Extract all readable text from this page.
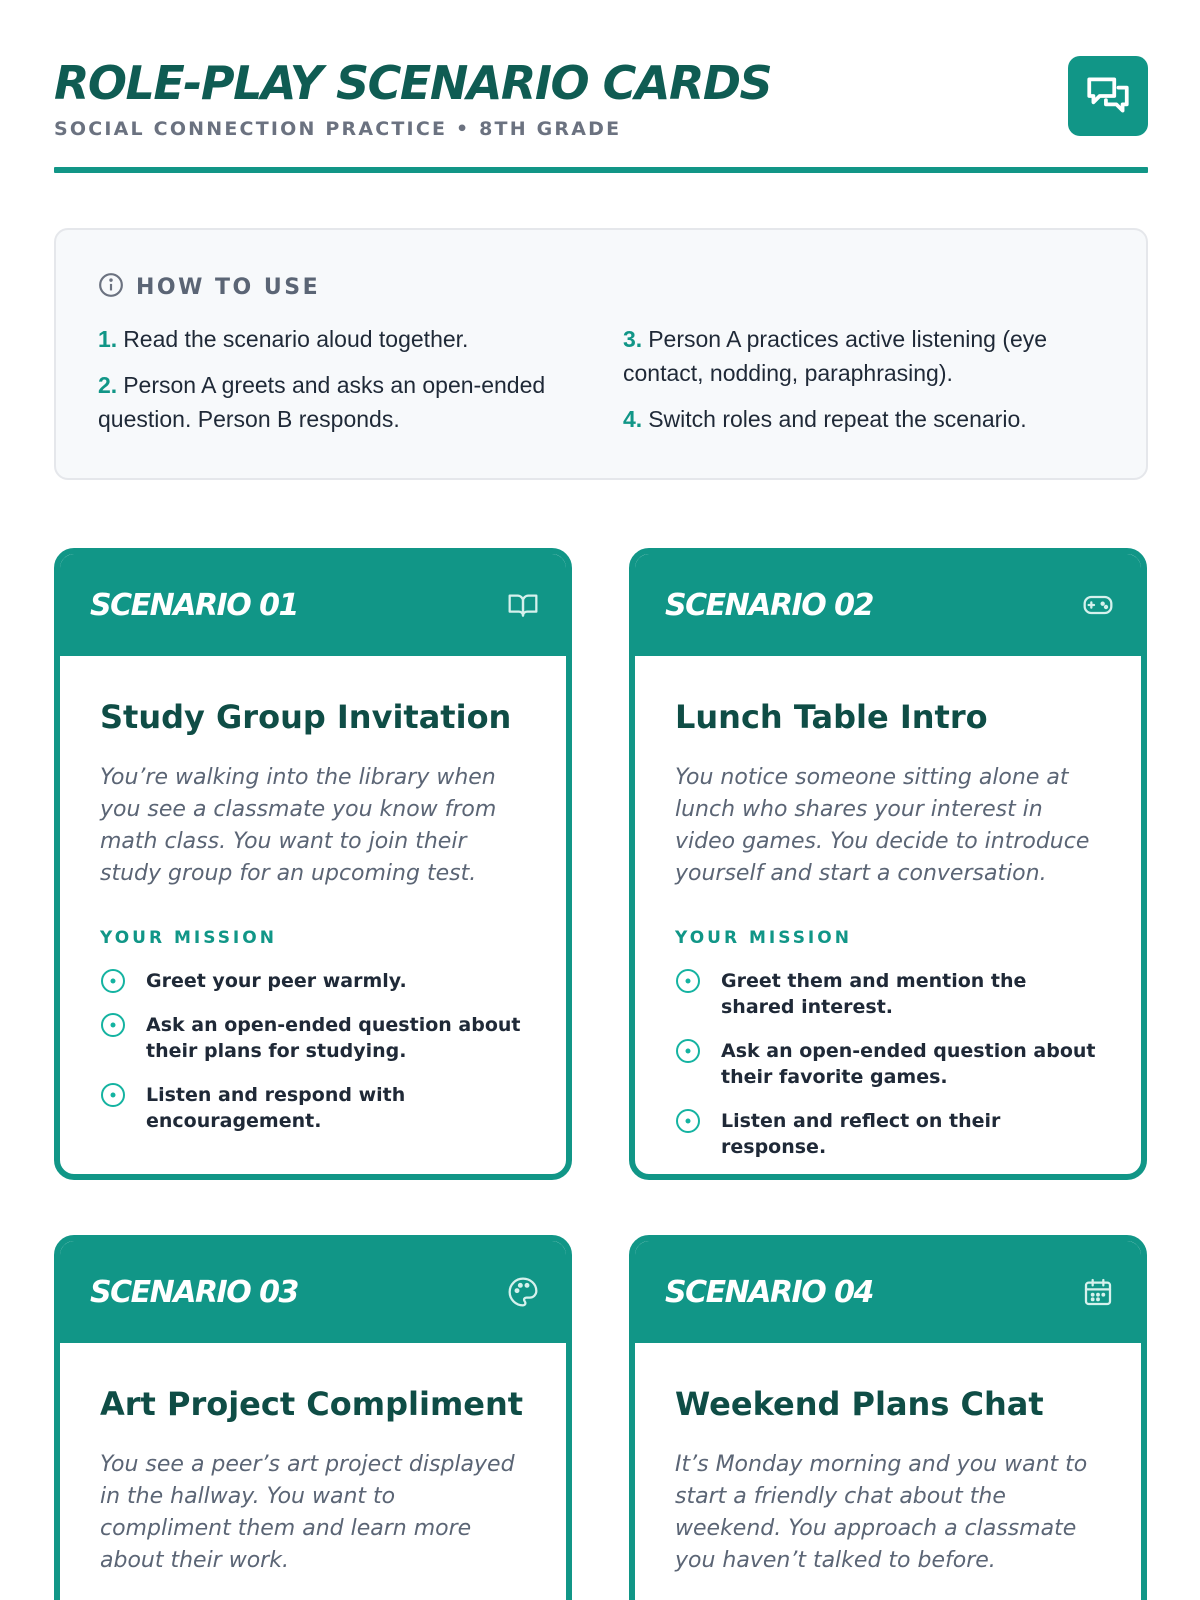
ROLE-PLAY SCENARIO CARDS
SOCIAL CONNECTION PRACTICE • 8TH GRADE
HOW TO USE
1. Read the scenario aloud together.
2. Person A greets and asks an open-ended question. Person B responds.
3. Person A practices active listening (eye contact, nodding, paraphrasing).
4. Switch roles and repeat the scenario.
SCENARIO 01
Study Group Invitation
You’re walking into the library when you see a classmate you know from math class. You want to join their study group for an upcoming test.
YOUR MISSION
Greet your peer warmly.
Ask an open-ended question about their plans for studying.
Listen and respond with encouragement.
SCENARIO 02
Lunch Table Intro
You notice someone sitting alone at lunch who shares your interest in video games. You decide to introduce yourself and start a conversation.
YOUR MISSION
Greet them and mention the shared interest.
Ask an open-ended question about their favorite games.
Listen and reflect on their response.
SCENARIO 03
Art Project Compliment
You see a peer’s art project displayed in the hallway. You want to compliment them and learn more about their work.
SCENARIO 04
Weekend Plans Chat
It’s Monday morning and you want to start a friendly chat about the weekend. You approach a classmate you haven’t talked to before.
